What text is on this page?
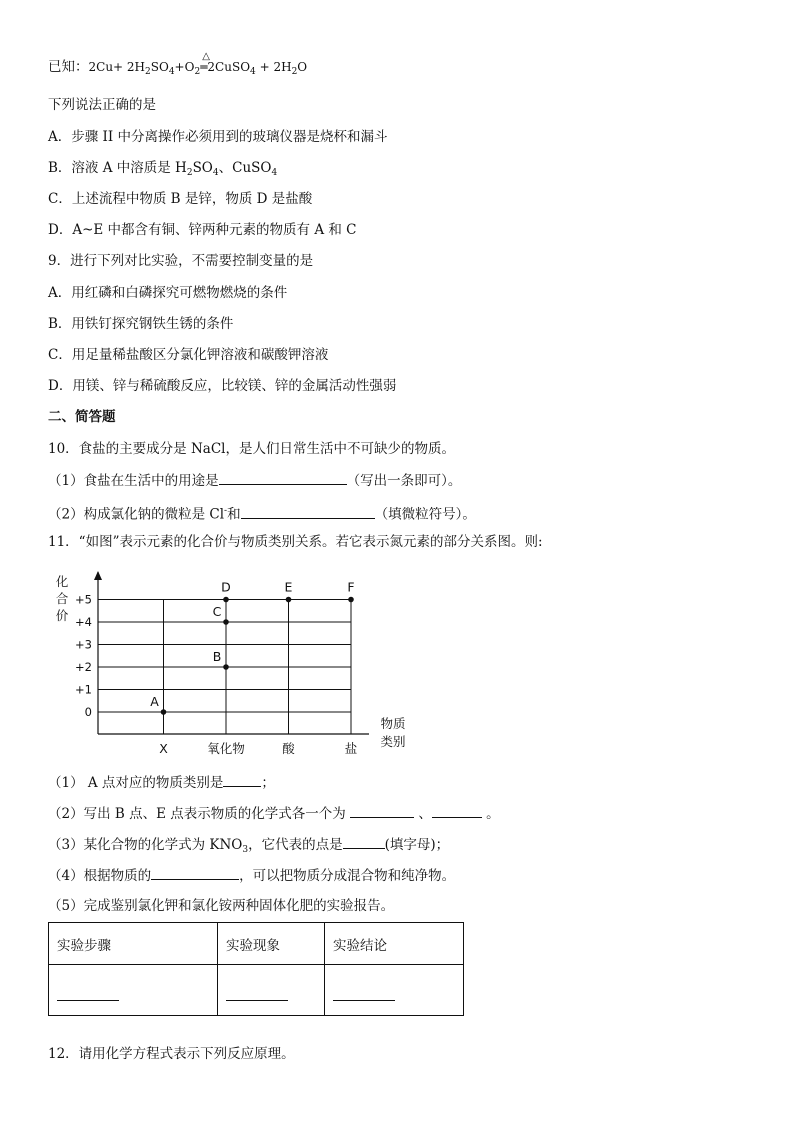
已知：$2Cu+ 2H_2SO_4+O_2$
△
═2CuSO$_4$ + $2H_2O$
下列说法正确的是
A．步骤 II 中分离操作必须用到的玻璃仪器是烧杯和漏斗
B．溶液 A 中溶质是 $H_2SO_4$、CuSO$_4$
C．上述流程中物质 B 是锌，物质 D 是盐酸
D．A~E 中都含有铜、锌两种元素的物质有 A 和 C
9．进行下列对比实验，不需要控制变量的是
A．用红磷和白磷探究可燃物燃烧的条件
B．用铁钉探究钢铁生锈的条件
C．用足量稀盐酸区分氯化钾溶液和碳酸钾溶液
D．用镁、锌与稀硫酸反应，比较镁、锌的金属活动性强弱
二、简答题
10．食盐的主要成分是 NaCl，是人们日常生活中不可缺少的物质。
（1）食盐在生活中的用途是	（写出一条即可）。
（2）构成氯化钠的微粒是 Cl-和	（填微粒符号）。
11．“如图”表示元素的化合价与物质类别关系。若它表示氮元素的部分关系图。则:
+5
+4
+3
+2
+1
0
化
合
价
X	氧化物	酸	盐
物质
类别
A
B
C
D	E	F
（1） A 点对应的物质类别是	；
（2）写出 B 点、E 点表示物质的化学式各一个为	、	。
（3）某化合物的化学式为 $KNO_3$，它代表的点是	(填字母)；
（4）根据物质的	，可以把物质分成混合物和纯净物。
（5）完成鉴别氯化钾和氯化铵两种固体化肥的实验报告。
实验步骤	实验现象	实验结论

12．请用化学方程式表示下列反应原理。
